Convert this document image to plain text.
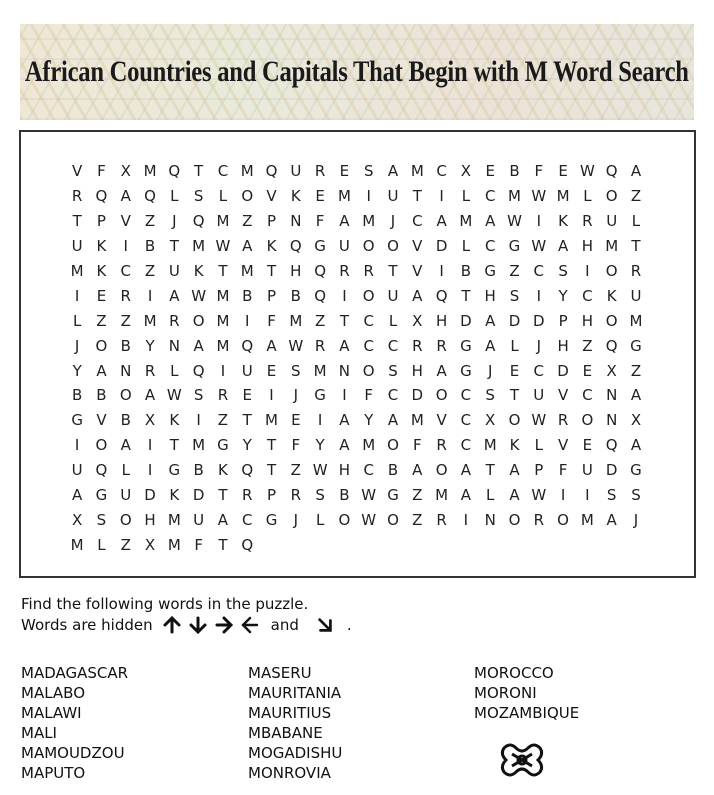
African Countries and Capitals That Begin with M Word Search
V F X M Q T C M Q U R E S A M C X E B F	E W Q A
R Q A Q L	S	L O V K E M	I	U T	I	L C M W M L O Z
T	P V Z	J	Q M Z P N F A M	J	C A M A W I	K R U L
U K	I	B T M W A K Q G U O O V D L C G W A H M T
M K C Z U K T M T H Q R R T V	I	B G Z C S	I	O R
I	E R	I	A W M B P B Q	I	O U A Q T H S	I	Y C K U
L Z Z M R O M	I	F M Z T C L X H D A D D P H O M
J	O B Y N A M Q A W R A C C R R G A L	J	H Z Q G
Y A N R L Q	I	U E S M N O S H A G	J	E C D E X Z
B B O A W S R E	I	J	G	I	F C D O C S T U V C N A
G V B X K	I	Z T M E	I	A Y A M V C X O W R O N X
I	O A	I	T M G Y	T	F	Y A M O F R C M K	L V E Q A
U Q L	I	G B K Q T Z W H C B A O A T A P	F U D G
A G U D K D T R P R S B W G Z M A L A W I	I	S S
X S O H M U A C G	J	L O W O Z R	I	N O R O M A	J
M L Z X M F	T Q
Find the following words in the puzzle.
Words are hidden	and	.
MADAGASCAR
MALABO
MALAWI
MALI
MAMOUDZOU
MAPUTO
MASERU
MAURITANIA
MAURITIUS
MBABANE
MOGADISHU
MONROVIA
MOROCCO
MORONI
MOZAMBIQUE
